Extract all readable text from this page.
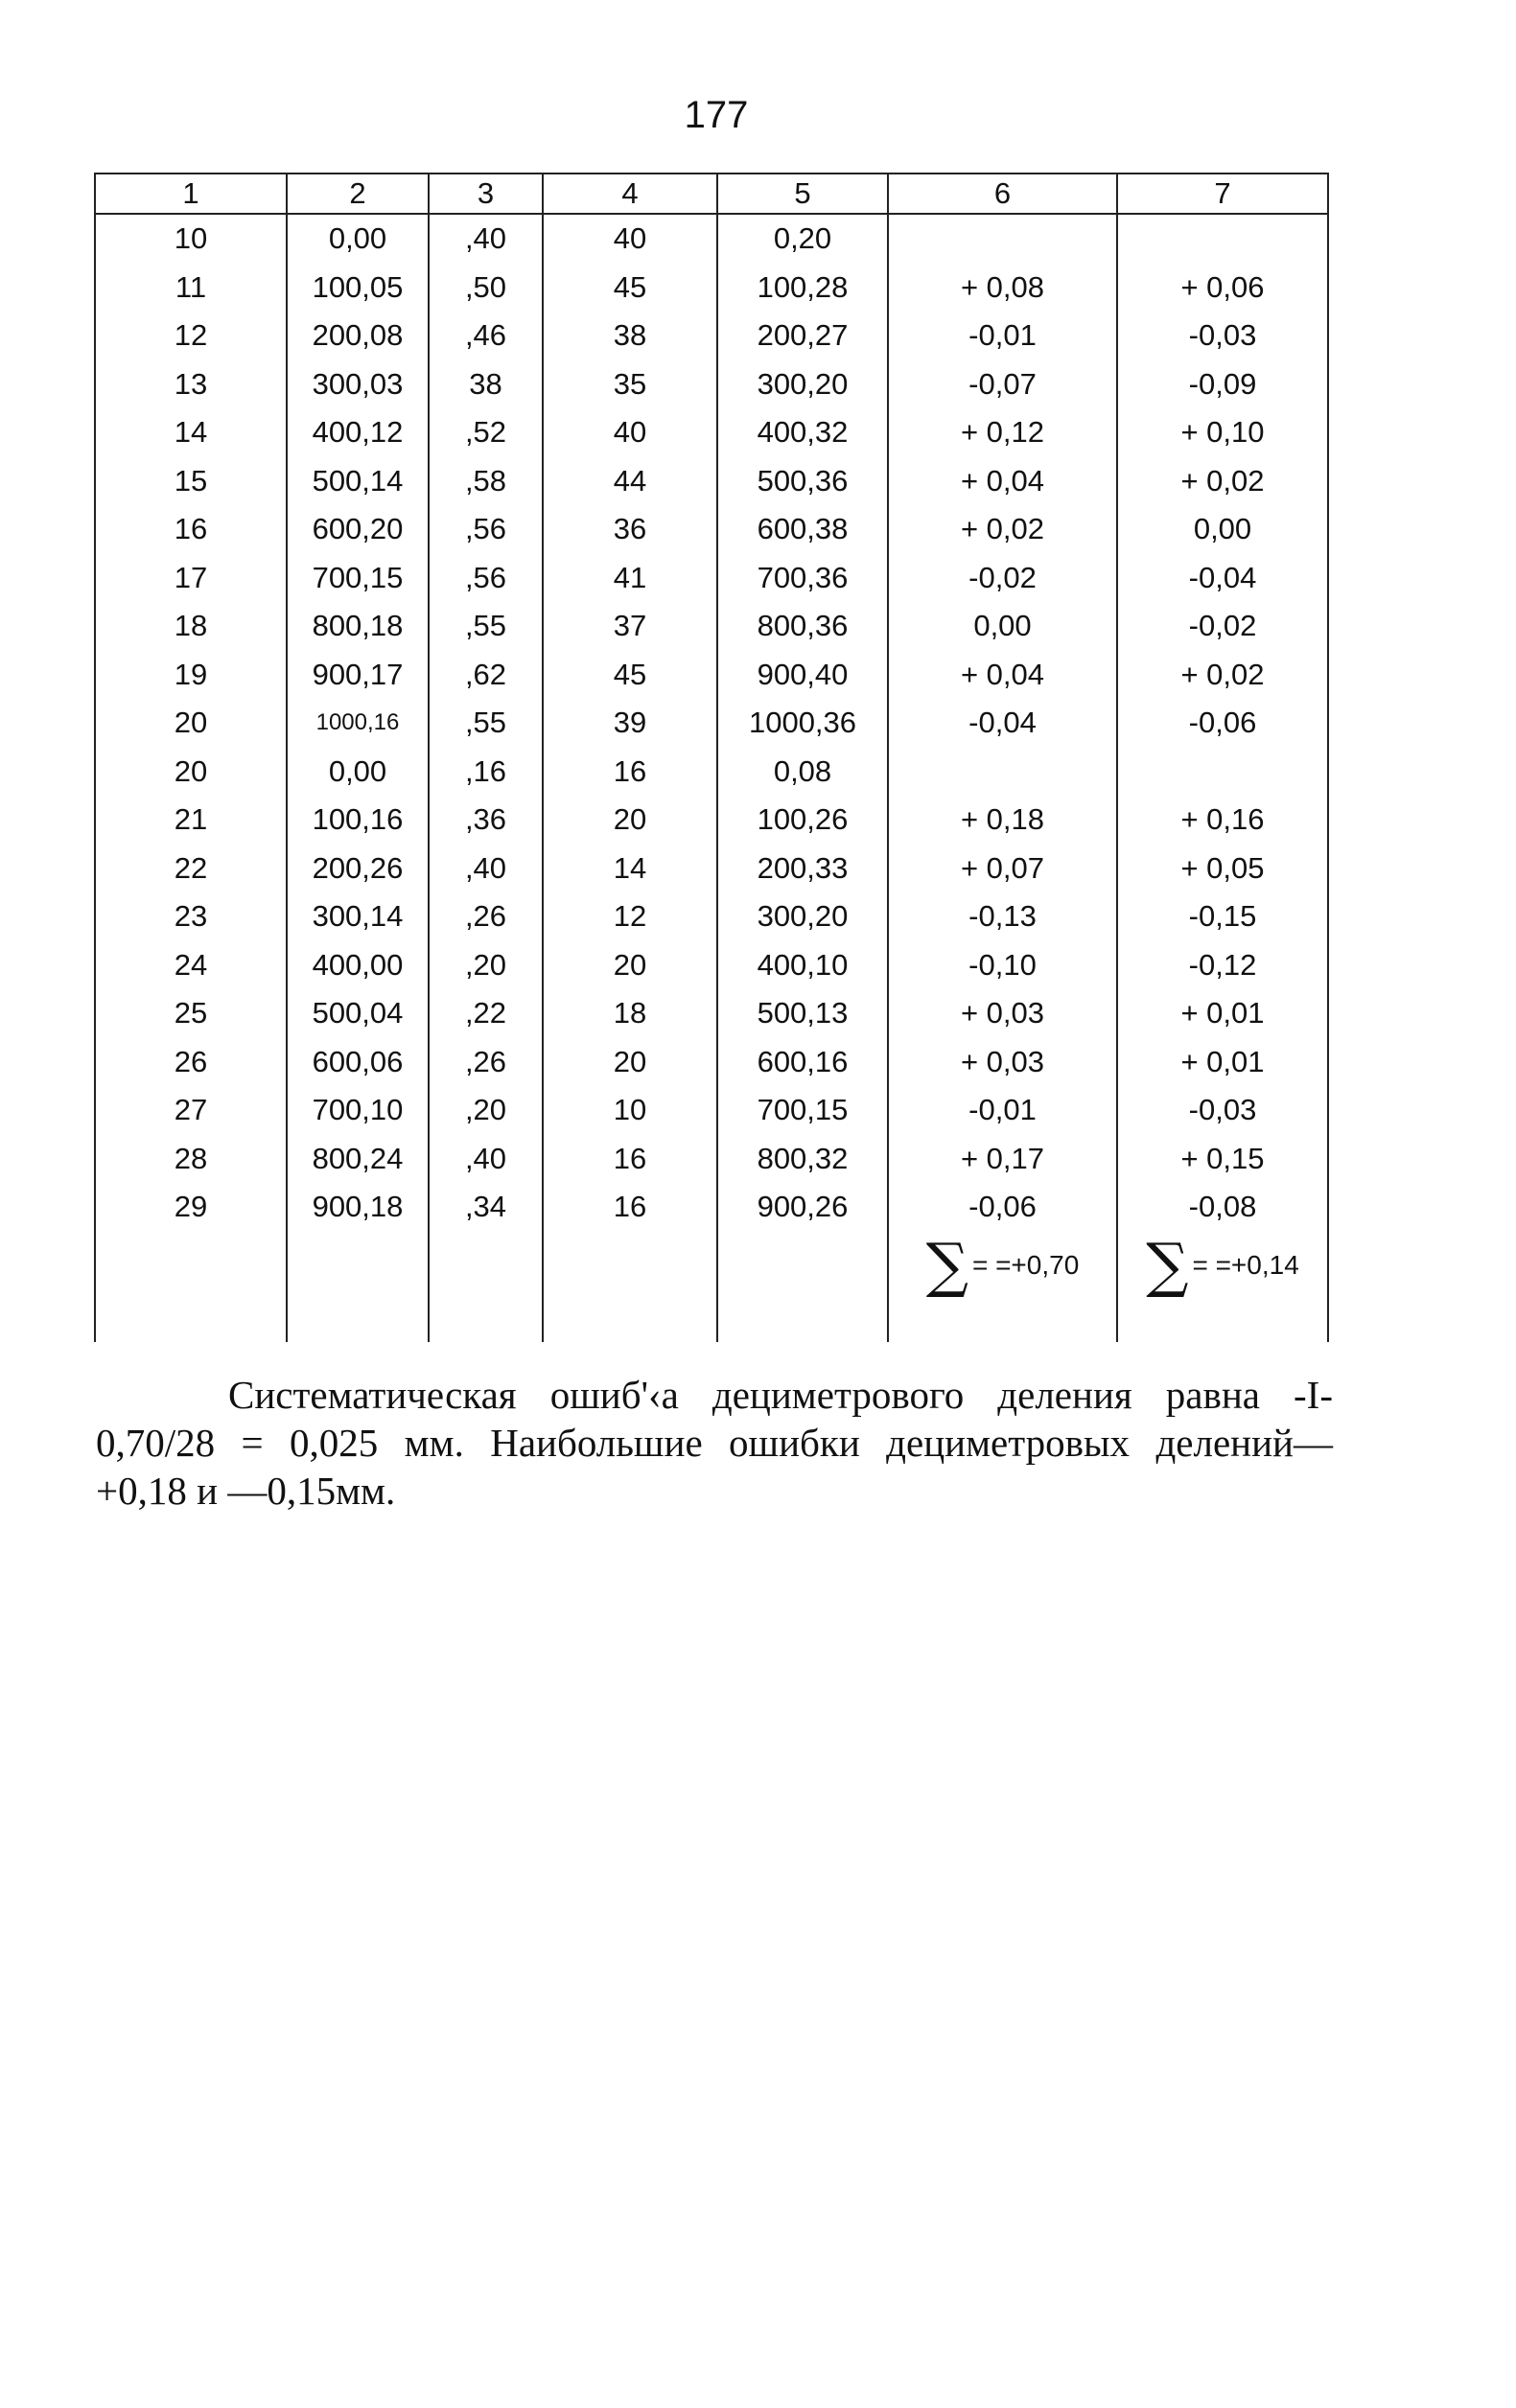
177
1	2	3	4	5	6	7
10	0,00	,40	40	0,20		
11	100,05	,50	45	100,28	+ 0,08	+ 0,06
12	200,08	,46	38	200,27	-0,01	-0,03
13	300,03	38	35	300,20	-0,07	-0,09
14	400,12	,52	40	400,32	+ 0,12	+ 0,10
15	500,14	,58	44	500,36	+ 0,04	+ 0,02
16	600,20	,56	36	600,38	+ 0,02	0,00
17	700,15	,56	41	700,36	-0,02	-0,04
18	800,18	,55	37	800,36	0,00	-0,02
19	900,17	,62	45	900,40	+ 0,04	+ 0,02
20	1000,16	,55	39	1000,36	-0,04	-0,06
20	0,00	,16	16	0,08		
21	100,16	,36	20	100,26	+ 0,18	+ 0,16
22	200,26	,40	14	200,33	+ 0,07	+ 0,05
23	300,14	,26	12	300,20	-0,13	-0,15
24	400,00	,20	20	400,10	-0,10	-0,12
25	500,04	,22	18	500,13	+ 0,03	+ 0,01
26	600,06	,26	20	600,16	+ 0,03	+ 0,01
27	700,10	,20	10	700,15	-0,01	-0,03
28	800,24	,40	16	800,32	+ 0,17	+ 0,15
29	900,18	,34	16	900,26	-0,06	-0,08
					∑ = =+0,70	∑ = =+0,14

Систематическая ошиб'‹а дециметрового деления равна -I-
0,70/28 = 0,025 мм. Наибольшие ошибки дециметровых делений—
+0,18 и —0,15мм.
